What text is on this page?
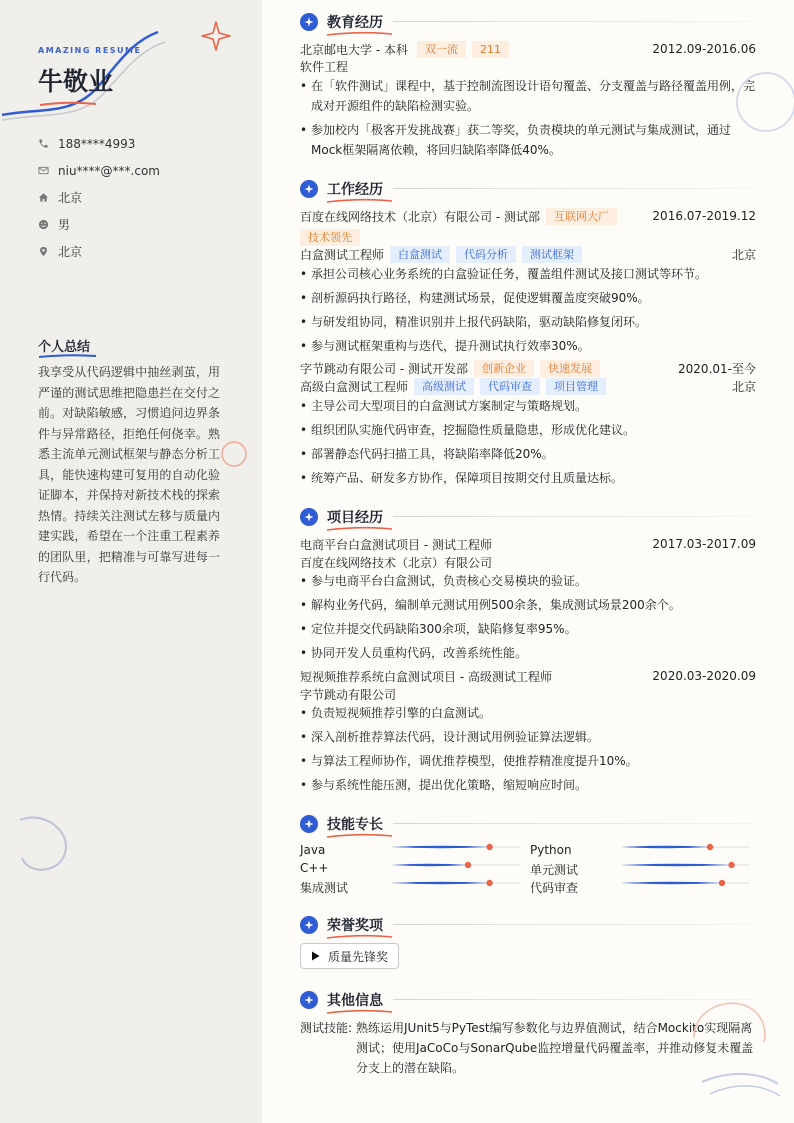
AMAZING RESUME
牛敬业
188****4993
niu****@***.com
北京
男
北京
个人总结
我享受从代码逻辑中抽丝剥茧，用严谨的测试思维把隐患拦在交付之前。对缺陷敏感，习惯追问边界条件与异常路径，拒绝任何侥幸。熟悉主流单元测试框架与静态分析工具，能快速构建可复用的自动化验证脚本，并保持对新技术栈的探索热情。持续关注测试左移与质量内建实践，希望在一个注重工程素养的团队里，把精准与可靠写进每一行代码。
教育经历
北京邮电大学 - 本科	双一流	211	2012.09-2016.06
软件工程
• 在「软件测试」课程中，基于控制流图设计语句覆盖、分支覆盖与路径覆盖用例，完成对开源组件的缺陷检测实验。
• 参加校内「极客开发挑战赛」获二等奖，负责模块的单元测试与集成测试，通过Mock框架隔离依赖，将回归缺陷率降低40%。
工作经历
百度在线网络技术（北京）有限公司 - 测试部	互联网大厂	2016.07-2019.12
技术领先
白盒测试工程师	白盒测试	代码分析	测试框架	北京
• 承担公司核心业务系统的白盒验证任务，覆盖组件测试及接口测试等环节。
• 剖析源码执行路径，构建测试场景，促使逻辑覆盖度突破90%。
• 与研发组协同，精准识别并上报代码缺陷，驱动缺陷修复闭环。
• 参与测试框架重构与迭代，提升测试执行效率30%。
字节跳动有限公司 - 测试开发部	创新企业	快速发展	2020.01-至今
高级白盒测试工程师	高级测试	代码审查	项目管理	北京
• 主导公司大型项目的白盒测试方案制定与策略规划。
• 组织团队实施代码审查，挖掘隐性质量隐患，形成优化建议。
• 部署静态代码扫描工具，将缺陷率降低20%。
• 统筹产品、研发多方协作，保障项目按期交付且质量达标。
项目经历
电商平台白盒测试项目 - 测试工程师	2017.03-2017.09
百度在线网络技术（北京）有限公司
• 参与电商平台白盒测试，负责核心交易模块的验证。
• 解构业务代码，编制单元测试用例500余条，集成测试场景200余个。
• 定位并提交代码缺陷300余项，缺陷修复率95%。
• 协同开发人员重构代码，改善系统性能。
短视频推荐系统白盒测试项目 - 高级测试工程师	2020.03-2020.09
字节跳动有限公司
• 负责短视频推荐引擎的白盒测试。
• 深入剖析推荐算法代码，设计测试用例验证算法逻辑。
• 与算法工程师协作，调优推荐模型，使推荐精准度提升10%。
• 参与系统性能压测，提出优化策略，缩短响应时间。
技能专长
Java	Python
C++	单元测试
集成测试	代码审查
荣誉奖项
质量先锋奖
其他信息
测试技能: 熟练运用JUnit5与PyTest编写参数化与边界值测试，结合Mockito实现隔离测试；使用JaCoCo与SonarQube监控增量代码覆盖率，并推动修复未覆盖分支上的潜在缺陷。
